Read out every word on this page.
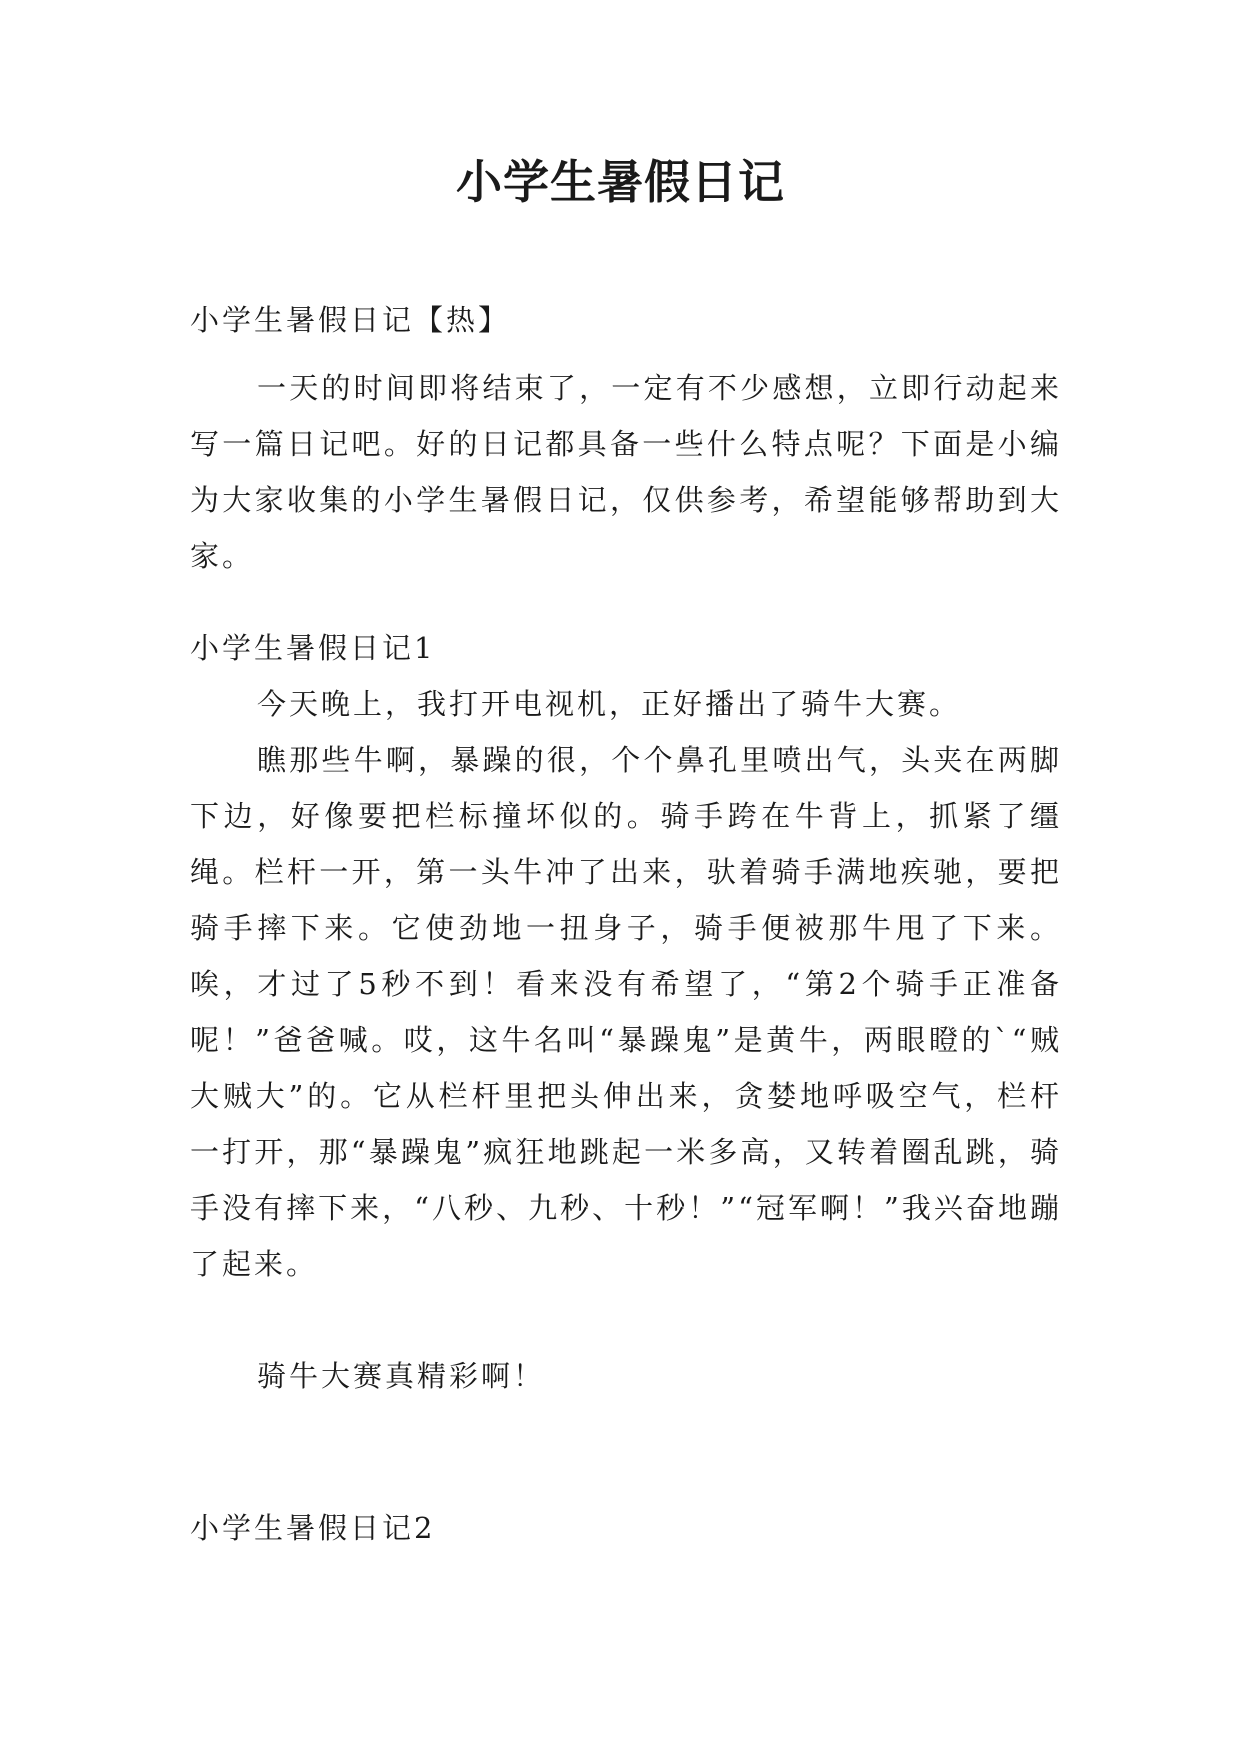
小学生暑假日记

小学生暑假日记【热】

一天的时间即将结束了，一定有不少感想，立即行动起来写一篇日记吧。好的日记都具备一些什么特点呢？下面是小编为大家收集的小学生暑假日记，仅供参考，希望能够帮助到大家。

小学生暑假日记1

今天晚上，我打开电视机，正好播出了骑牛大赛。

瞧那些牛啊，暴躁的很，个个鼻孔里喷出气，头夹在两脚下边，好像要把栏标撞坏似的。骑手跨在牛背上，抓紧了缰绳。栏杆一开，第一头牛冲了出来，驮着骑手满地疾驰，要把骑手摔下来。它使劲地一扭身子，骑手便被那牛甩了下来。唉，才过了5秒不到！看来没有希望了，“第2个骑手正准备呢！”爸爸喊。哎，这牛名叫“暴躁鬼”是黄牛，两眼瞪的`“贼大贼大”的。它从栏杆里把头伸出来，贪婪地呼吸空气，栏杆一打开，那“暴躁鬼”疯狂地跳起一米多高，又转着圈乱跳，骑手没有摔下来，“八秒、九秒、十秒！”“冠军啊！”我兴奋地蹦了起来。

骑牛大赛真精彩啊！

小学生暑假日记2
